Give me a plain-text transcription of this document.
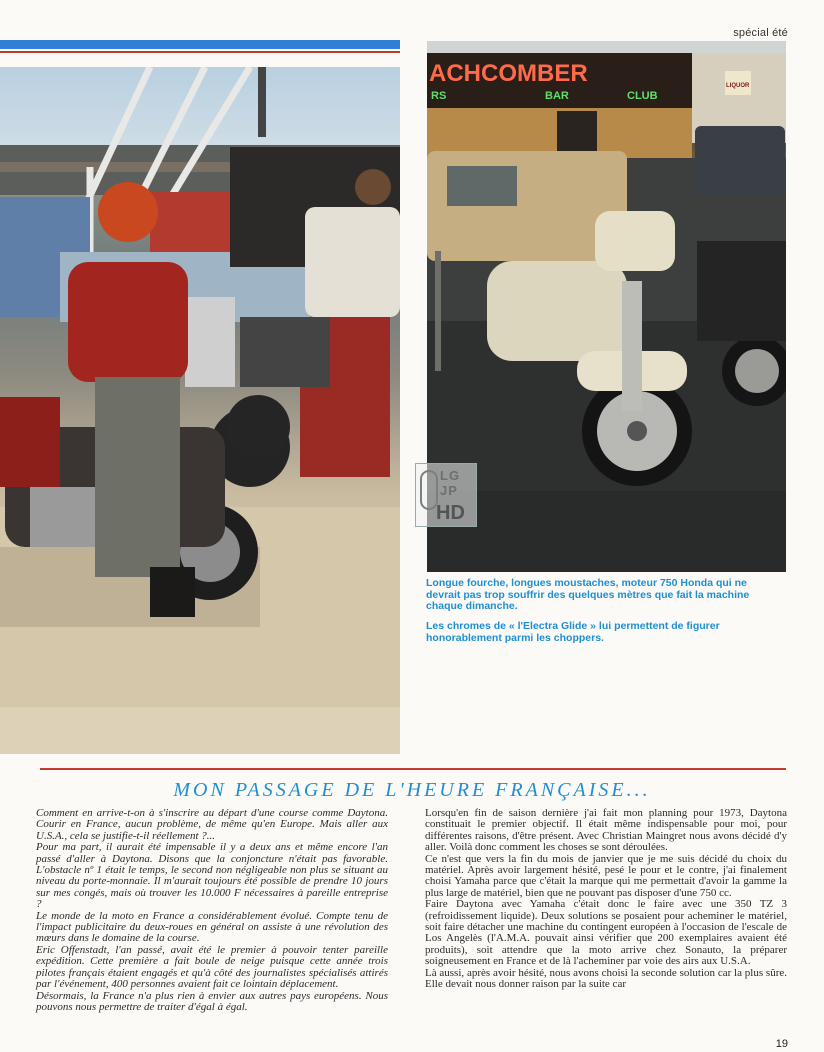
spécial été
ACHCOMBER
RS	BAR	CLUB
LIQUOR
LG
JP
HD
Longue fourche, longues moustaches, moteur 750 Honda qui ne devrait pas trop souffrir des quelques mètres que fait la machine chaque dimanche.
Les chromes de « l'Electra Glide » lui permettent de figurer honorablement parmi les choppers.
MON PASSAGE DE L'HEURE FRANÇAISE...

Comment en arrive-t-on à s'inscrire au départ d'une course comme Daytona. Courir en France, aucun problème, de même qu'en Europe. Mais aller aux U.S.A., cela se justifie-t-il réellement ?...

Pour ma part, il aurait été impensable il y a deux ans et même encore l'an passé d'aller à Daytona. Disons que la conjoncture n'était pas favorable. L'obstacle nº 1 était le temps, le second non négligeable non plus se situant au niveau du porte-monnaie. Il m'aurait toujours été possible de prendre 10 jours sur mes congés, mais où trouver les 10.000 F nécessaires à pareille entreprise ?

Le monde de la moto en France a considérablement évolué. Compte tenu de l'impact publicitaire du deux-roues en général on assiste à une révolution des mœurs dans le domaine de la course.

Eric Offenstadt, l'an passé, avait été le premier à pouvoir tenter pareille expédition. Cette première a fait boule de neige puisque cette année trois pilotes français étaient engagés et qu'à côté des journalistes spécialisés attirés par l'événement, 400 personnes avaient fait ce lointain déplacement.

Désormais, la France n'a plus rien à envier aux autres pays européens. Nous pouvons nous permettre de traiter d'égal à égal.

Lorsqu'en fin de saison dernière j'ai fait mon planning pour 1973, Daytona constituait le premier objectif. Il était même indispensable pour moi, pour différentes raisons, d'être présent. Avec Christian Maingret nous avons décidé d'y aller. Voilà donc comment les choses se sont déroulées.

Ce n'est que vers la fin du mois de janvier que je me suis décidé du choix du matériel. Après avoir largement hésité, pesé le pour et le contre, j'ai finalement choisi Yamaha parce que c'était la marque qui me permettait d'avoir la gamme la plus large de matériel, bien que ne pouvant pas disposer d'une 750 cc.

Faire Daytona avec Yamaha c'était donc le faire avec une 350 TZ 3 (refroidissement liquide). Deux solutions se posaient pour acheminer le matériel, soit faire détacher une machine du contingent européen à l'occasion de l'escale de Los Angelès (l'A.M.A. pouvait ainsi vérifier que 200 exemplaires avaient été produits), soit attendre que la moto arrive chez Sonauto, la préparer soigneusement en France et de là l'acheminer par voie des airs aux U.S.A.

Là aussi, après avoir hésité, nous avons choisi la seconde solution car la plus sûre. Elle devait nous donner raison par la suite car

19
